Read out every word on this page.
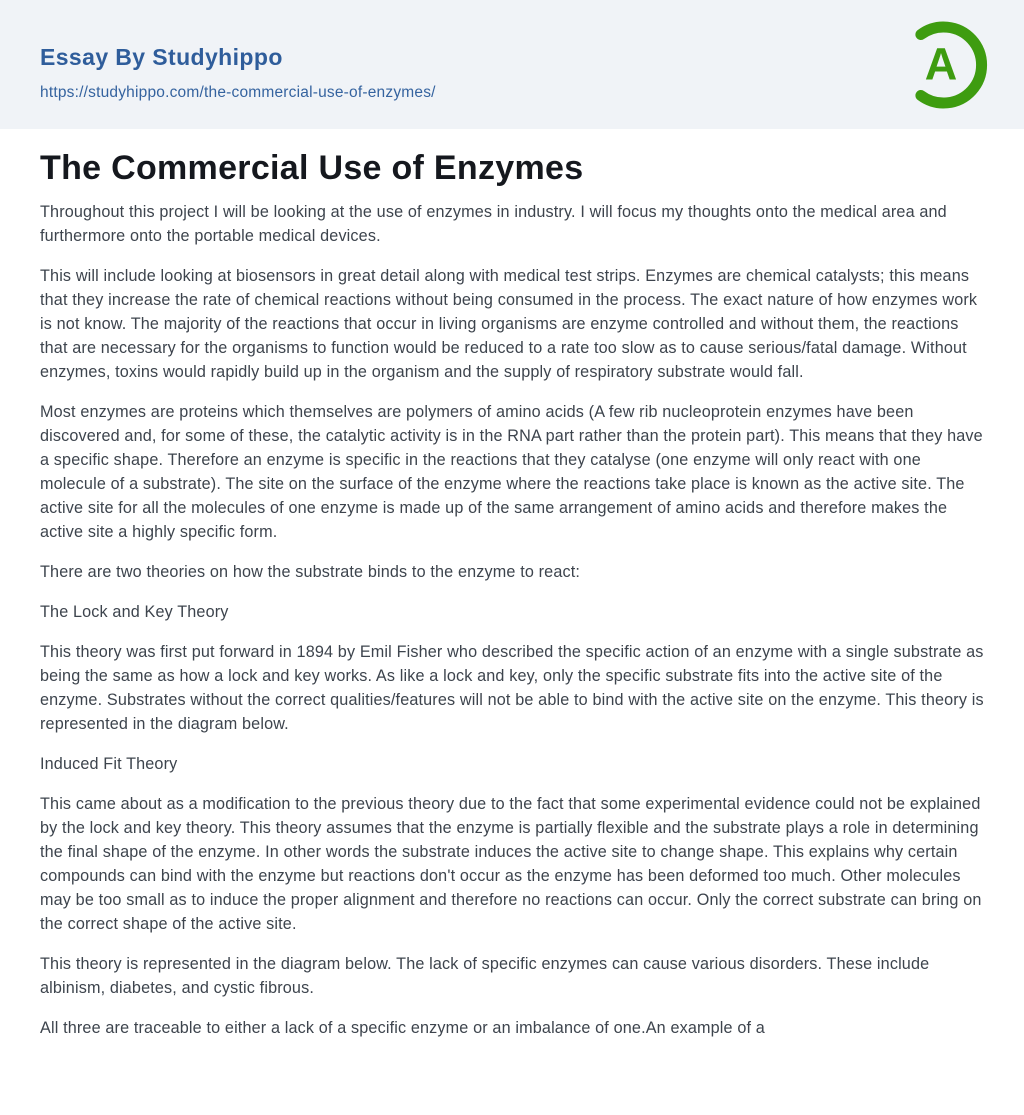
Essay By Studyhippo
https://studyhippo.com/the-commercial-use-of-enzymes/
A
The Commercial Use of Enzymes

Throughout this project I will be looking at the use of enzymes in industry. I will focus my thoughts onto the medical area and furthermore onto the portable medical devices.

This will include looking at biosensors in great detail along with medical test strips. Enzymes are chemical catalysts; this means that they increase the rate of chemical reactions without being consumed in the process. The exact nature of how enzymes work is not know. The majority of the reactions that occur in living organisms are enzyme controlled and without them, the reactions that are necessary for the organisms to function would be reduced to a rate too slow as to cause serious/fatal damage. Without enzymes, toxins would rapidly build up in the organism and the supply of respiratory substrate would fall.

Most enzymes are proteins which themselves are polymers of amino acids (A few rib nucleoprotein enzymes have been discovered and, for some of these, the catalytic activity is in the RNA part rather than the protein part). This means that they have a specific shape. Therefore an enzyme is specific in the reactions that they catalyse (one enzyme will only react with one molecule of a substrate). The site on the surface of the enzyme where the reactions take place is known as the active site. The active site for all the molecules of one enzyme is made up of the same arrangement of amino acids and therefore makes the active site a highly specific form.

There are two theories on how the substrate binds to the enzyme to react:

The Lock and Key Theory

This theory was first put forward in 1894 by Emil Fisher who described the specific action of an enzyme with a single substrate as being the same as how a lock and key works. As like a lock and key, only the specific substrate fits into the active site of the enzyme. Substrates without the correct qualities/features will not be able to bind with the active site on the enzyme. This theory is represented in the diagram below.

Induced Fit Theory

This came about as a modification to the previous theory due to the fact that some experimental evidence could not be explained by the lock and key theory. This theory assumes that the enzyme is partially flexible and the substrate plays a role in determining the final shape of the enzyme. In other words the substrate induces the active site to change shape. This explains why certain compounds can bind with the enzyme but reactions don't occur as the enzyme has been deformed too much. Other molecules may be too small as to induce the proper alignment and therefore no reactions can occur. Only the correct substrate can bring on the correct shape of the active site.

This theory is represented in the diagram below. The lack of specific enzymes can cause various disorders. These include albinism, diabetes, and cystic fibrous.

All three are traceable to either a lack of a specific enzyme or an imbalance of one.An example of a
